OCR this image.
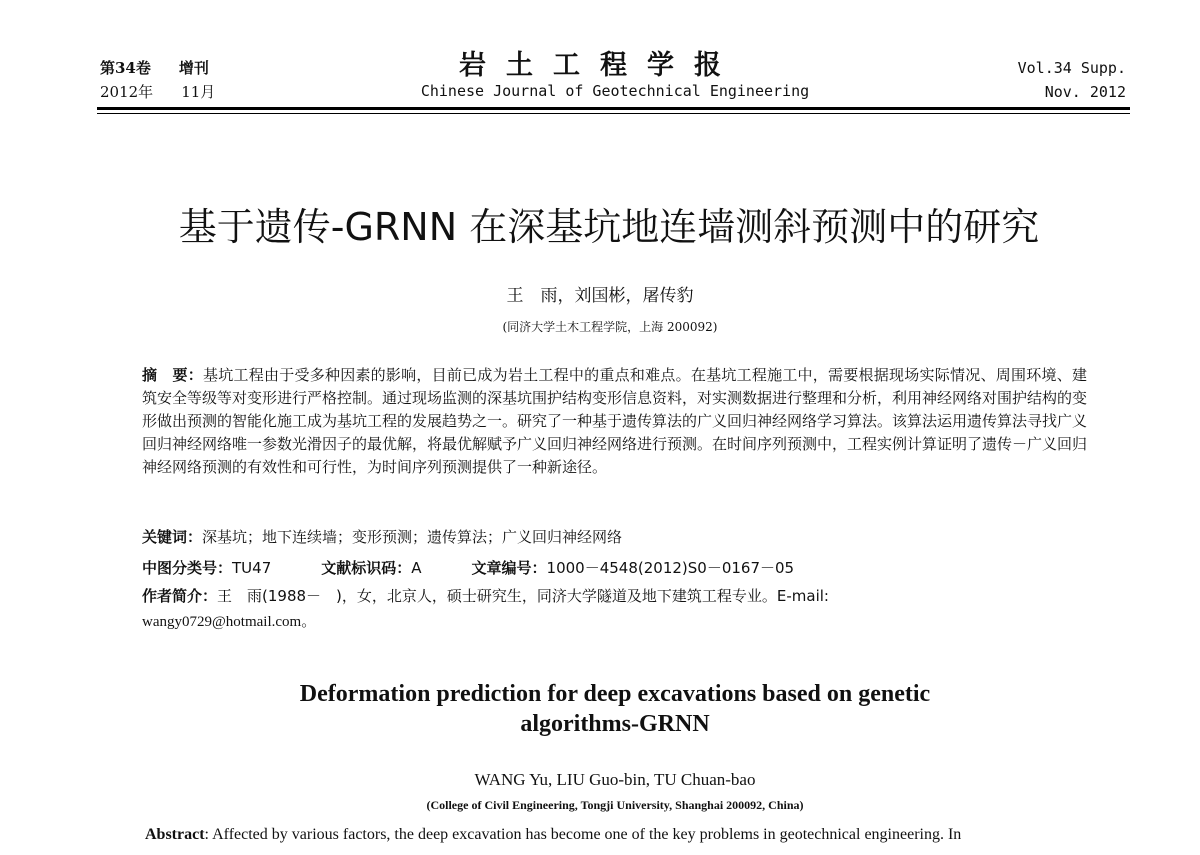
第34卷 增刊
2012年 11月
岩土工程学报
Chinese Journal of Geotechnical Engineering
Vol.34 Supp.
Nov. 2012
基于遗传-GRNN 在深基坑地连墙测斜预测中的研究
王　雨，刘国彬，屠传豹
(同济大学土木工程学院，上海 200092)
摘　要：基坑工程由于受多种因素的影响，目前已成为岩土工程中的重点和难点。在基坑工程施工中，需要根据现场实际情况、周围环境、建筑安全等级等对变形进行严格控制。通过现场监测的深基坑围护结构变形信息资料，对实测数据进行整理和分析，利用神经网络对围护结构的变形做出预测的智能化施工成为基坑工程的发展趋势之一。研究了一种基于遗传算法的广义回归神经网络学习算法。该算法运用遗传算法寻找广义回归神经网络唯一参数光滑因子的最优解，将最优解赋予广义回归神经网络进行预测。在时间序列预测中，工程实例计算证明了遗传－广义回归神经网络预测的有效性和可行性，为时间序列预测提供了一种新途径。
关键词：深基坑；地下连续墙；变形预测；遗传算法；广义回归神经网络
中图分类号：TU47	文献标识码：A	文章编号：1000－4548(2012)S0－0167－05
作者简介：王　雨(1988－　)，女，北京人，硕士研究生，同济大学隧道及地下建筑工程专业。E-mail:
wangy0729@hotmail.com。
Deformation prediction for deep excavations based on genetic
algorithms-GRNN
WANG Yu, LIU Guo-bin, TU Chuan-bao
(College of Civil Engineering, Tongji University, Shanghai 200092, China)
Abstract: Affected by various factors, the deep excavation has become one of the key problems in geotechnical engineering. In
